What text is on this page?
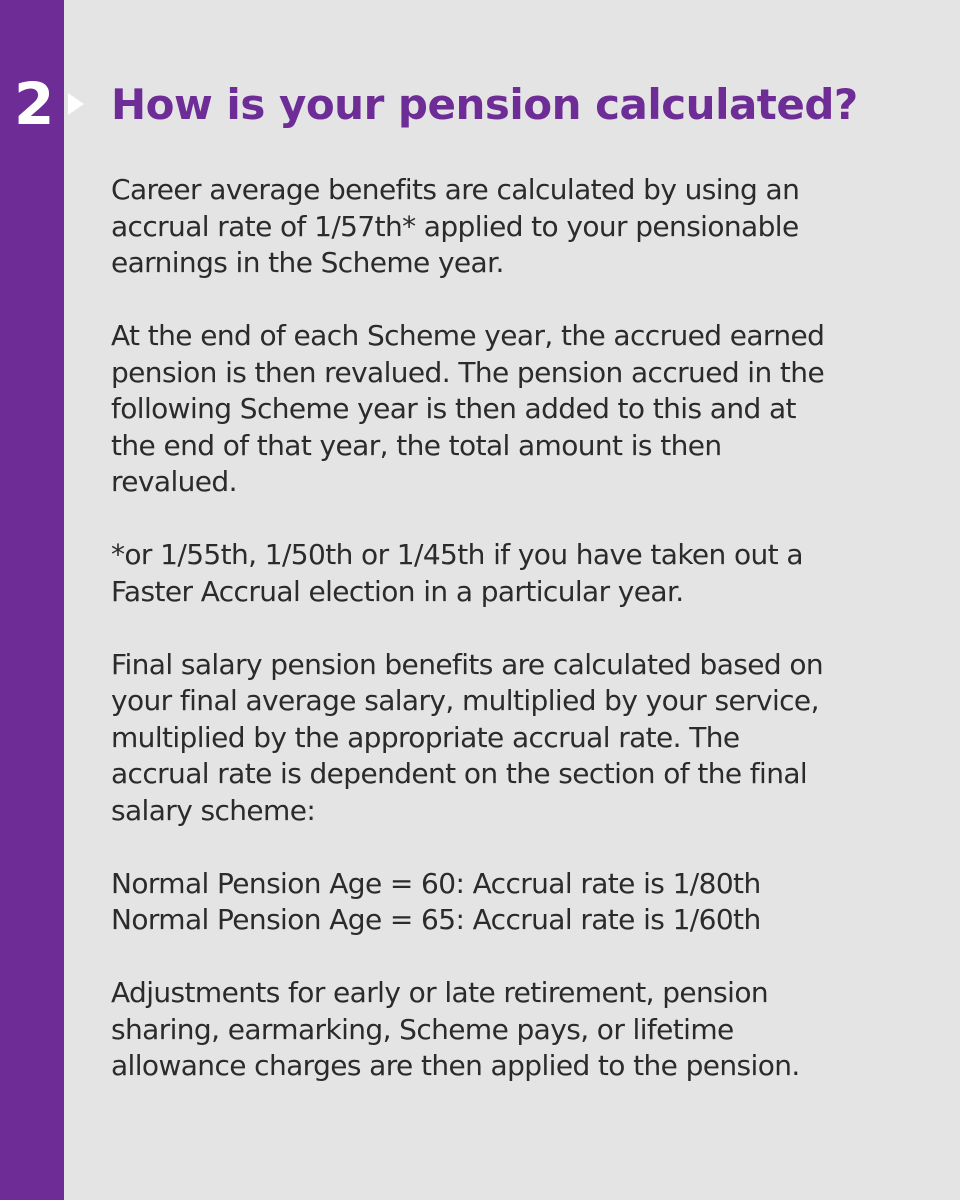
2	How is your pension calculated?

Career average benefits are calculated by using an
accrual rate of 1/57th* applied to your pensionable
earnings in the Scheme year.

At the end of each Scheme year, the accrued earned
pension is then revalued. The pension accrued in the
following Scheme year is then added to this and at
the end of that year, the total amount is then
revalued.

*or 1/55th, 1/50th or 1/45th if you have taken out a
Faster Accrual election in a particular year.

Final salary pension benefits are calculated based on
your final average salary, multiplied by your service,
multiplied by the appropriate accrual rate. The
accrual rate is dependent on the section of the final
salary scheme:

Normal Pension Age = 60: Accrual rate is 1/80th
Normal Pension Age = 65: Accrual rate is 1/60th

Adjustments for early or late retirement, pension
sharing, earmarking, Scheme pays, or lifetime
allowance charges are then applied to the pension.
